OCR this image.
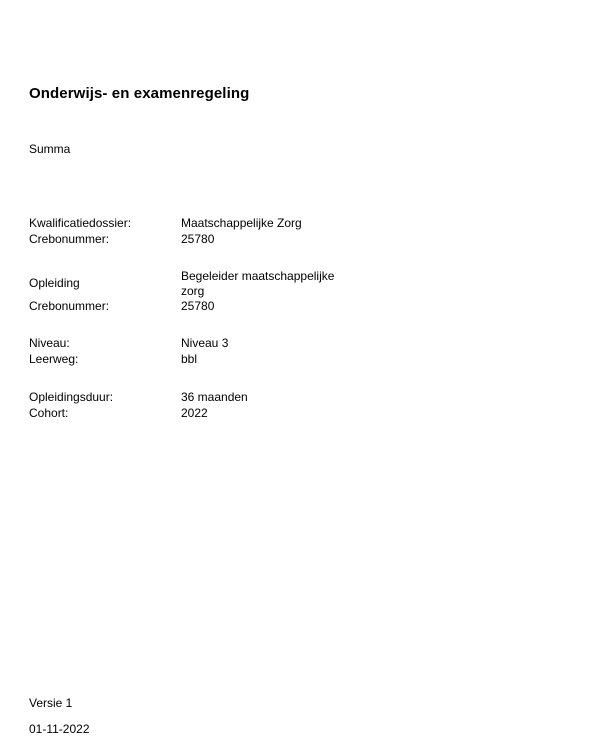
Onderwijs- en examenregeling
Summa
Kwalificatiedossier:	Maatschappelijke Zorg
Crebonummer:	25780
Opleiding	Begeleider maatschappelijke zorg
Crebonummer:	25780
Niveau:	Niveau 3
Leerweg:	bbl
Opleidingsduur:	36 maanden
Cohort:	2022
Versie 1
01-11-2022
